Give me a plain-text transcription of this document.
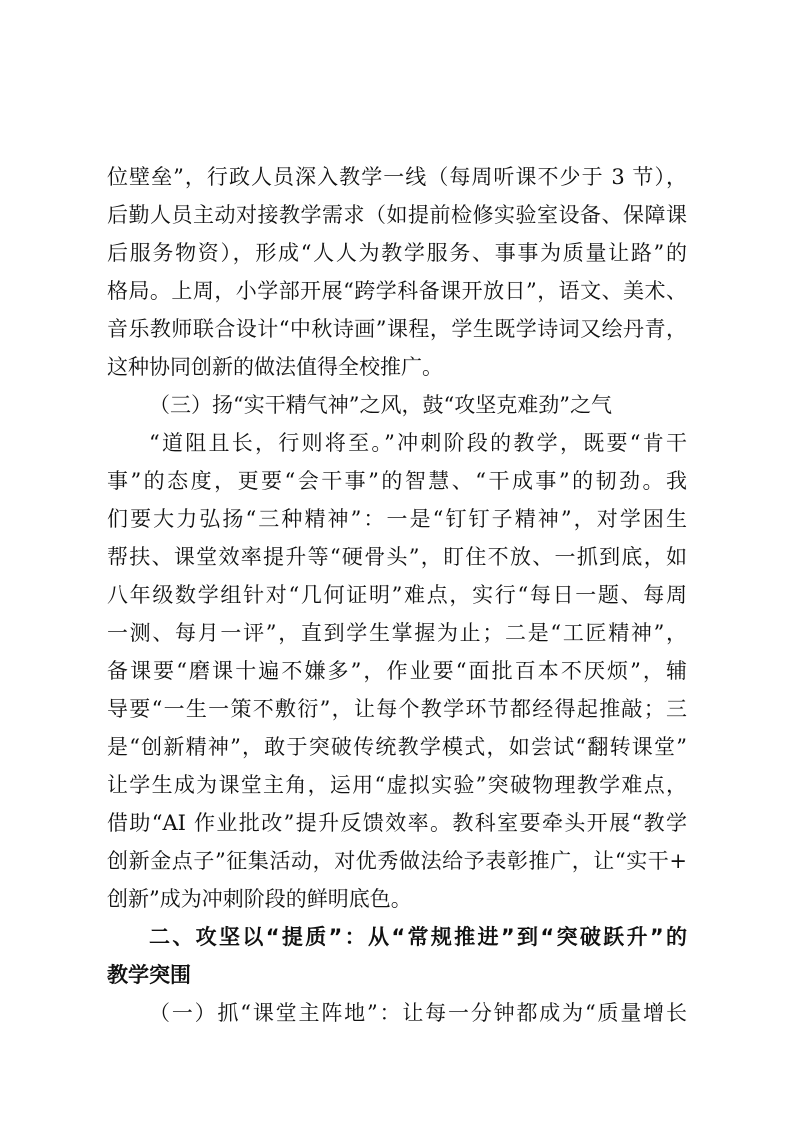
位壁垒”，行政人员深入教学一线（每周听课不少于 3 节），
后勤人员主动对接教学需求（如提前检修实验室设备、保障课
后服务物资），形成“人人为教学服务、事事为质量让路”的
格局。上周，小学部开展“跨学科备课开放日”，语文、美术、
音乐教师联合设计“中秋诗画”课程，学生既学诗词又绘丹青，
这种协同创新的做法值得全校推广。
（三）扬“实干精气神”之风，鼓“攻坚克难劲”之气
“道阻且长，行则将至。”冲刺阶段的教学，既要“肯干
事”的态度，更要“会干事”的智慧、“干成事”的韧劲。我
们要大力弘扬“三种精神”：一是“钉钉子精神”，对学困生
帮扶、课堂效率提升等“硬骨头”，盯住不放、一抓到底，如
八年级数学组针对“几何证明”难点，实行“每日一题、每周
一测、每月一评”，直到学生掌握为止；二是“工匠精神”，
备课要“磨课十遍不嫌多”，作业要“面批百本不厌烦”，辅
导要“一生一策不敷衍”，让每个教学环节都经得起推敲；三
是“创新精神”，敢于突破传统教学模式，如尝试“翻转课堂”
让学生成为课堂主角，运用“虚拟实验”突破物理教学难点，
借助“AI 作业批改”提升反馈效率。教科室要牵头开展“教学
创新金点子”征集活动，对优秀做法给予表彰推广，让“实干+
创新”成为冲刺阶段的鲜明底色。
二、攻坚以“提质”：从“常规推进”到“突破跃升”的
教学突围
（一）抓“课堂主阵地”：让每一分钟都成为“质量增长
